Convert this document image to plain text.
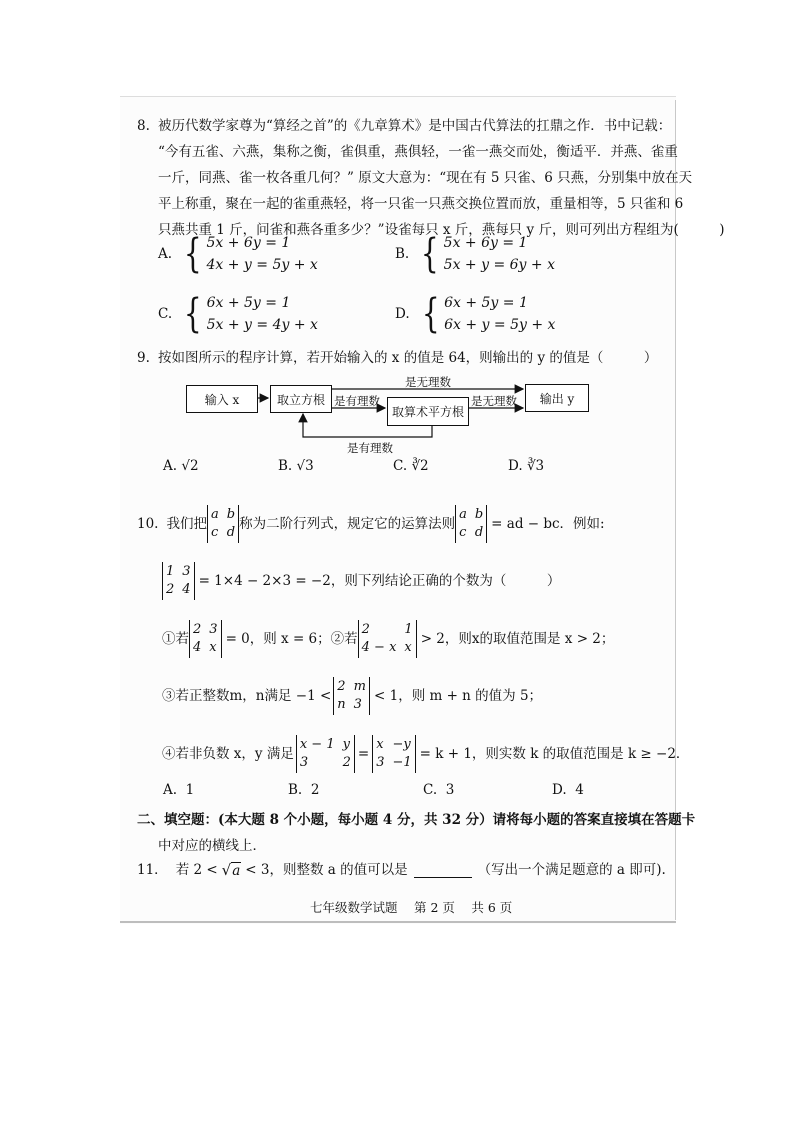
8. 被历代数学家尊为“算经之首”的《九章算术》是中国古代算法的扛鼎之作．书中记载：
“今有五雀、六燕，集称之衡，雀俱重，燕俱轻，一雀一燕交而处，衡适平．并燕、雀重
一斤，同燕、雀一枚各重几何？” 原文大意为：“现在有 5 只雀、6 只燕，分别集中放在天
平上称重，聚在一起的雀重燕轻，将一只雀一只燕交换位置而放，重量相等，5 只雀和 6
只燕共重 1 斤，问雀和燕各重多少？”设雀每只 x 斤，燕每只 y 斤，则可列出方程组为(　　　)
A. { 5x + 6y = 1
4x + y = 5y + x
B. { 5x + 6y = 1
5x + y = 6y + x
C. { 6x + 5y = 1
5x + y = 4y + x
D. { 6x + 5y = 1
6x + y = 5y + x
9. 按如图所示的程序计算，若开始输入的 x 的值是 64，则输出的 y 的值是（　　　）
输入 x	取立方根
取算术平方根
输出 y
是无理数
是有理数	是无理数
是有理数
A. √2	B. √3	C. ∛2	D. ∛3
10. 我们把
a b
c d
称为二阶行列式，规定它的运算法则
a b
c d
= ad − bc．例如:
1 3
2 4
= 1×4 − 2×3 = −2，则下列结论正确的个数为（　　　）
①若
2 3
4 x
= 0，则 x = 6；②若
2	1
4 − x x
> 2，则x的取值范围是 x > 2；
③若正整数m，n满足 −1 <
2 m
n 3
< 1，则 m + n 的值为 5；
④若非负数 x，y 满足
x − 1 y
3	2
=
x −y
3 −1
= k + 1，则实数 k 的取值范围是 k ≥ −2．
A. 1	B. 2	C. 3	D. 4
二、填空题：(本大题 8 个小题，每小题 4 分，共 32 分）请将每小题的答案直接填在答题卡
中对应的横线上．
11． 若 2 < √ a < 3，则整数 a 的值可以是	（写出一个满足题意的 a 即可).
七年级数学试题　 第 2 页　 共 6 页
